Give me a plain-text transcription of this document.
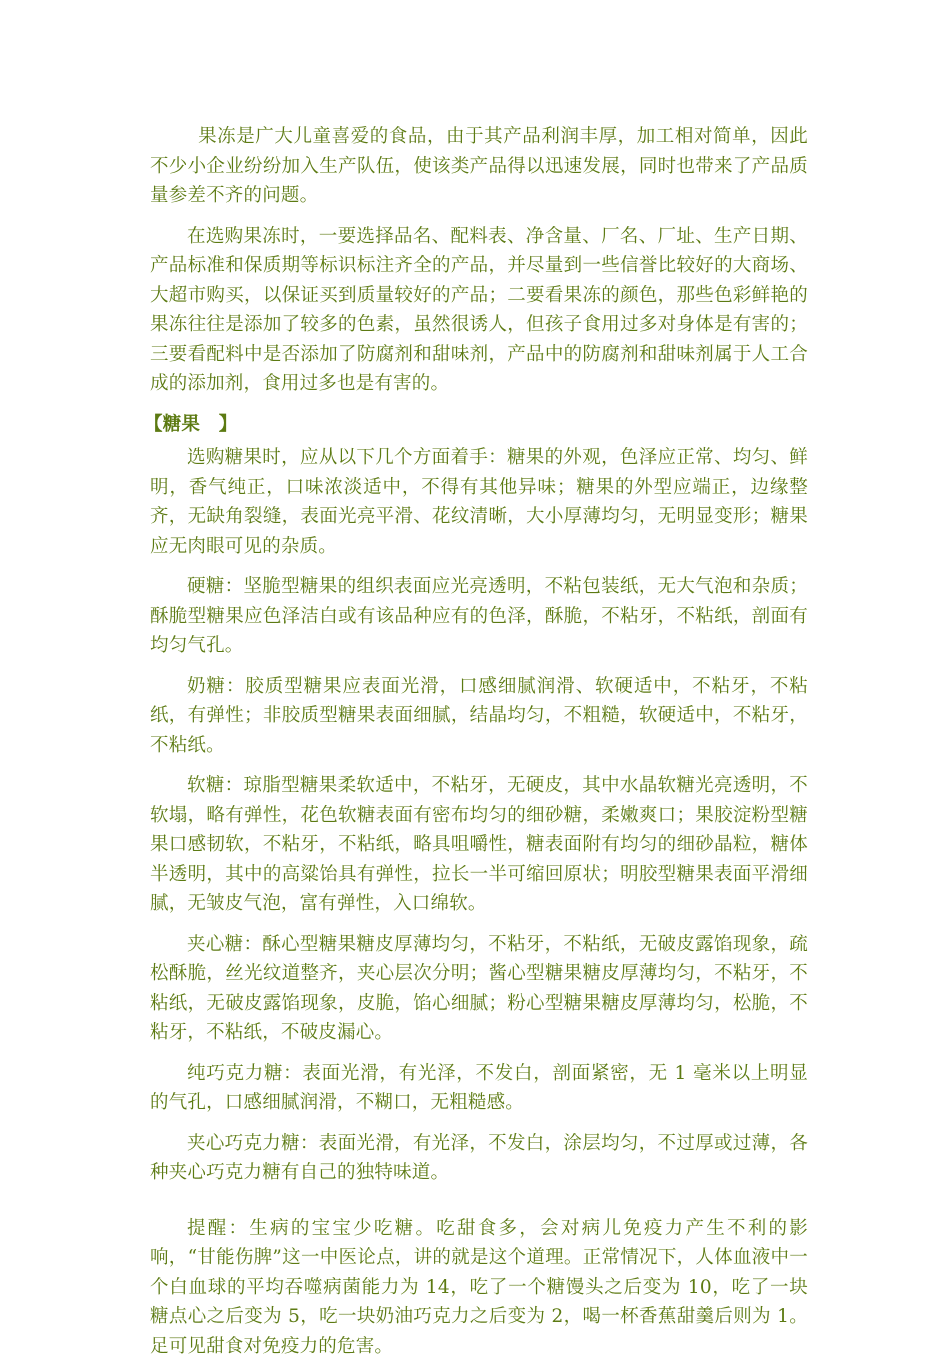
果冻是广大儿童喜爱的食品，由于其产品利润丰厚，加工相对简单，因此不少小企业纷纷加入生产队伍，使该类产品得以迅速发展，同时也带来了产品质量参差不齐的问题。

在选购果冻时，一要选择品名、配料表、净含量、厂名、厂址、生产日期、产品标准和保质期等标识标注齐全的产品，并尽量到一些信誉比较好的大商场、大超市购买，以保证买到质量较好的产品；二要看果冻的颜色，那些色彩鲜艳的果冻往往是添加了较多的色素，虽然很诱人，但孩子食用过多对身体是有害的；三要看配料中是否添加了防腐剂和甜味剂，产品中的防腐剂和甜味剂属于人工合成的添加剂，食用过多也是有害的。

【糖果　】

选购糖果时，应从以下几个方面着手：糖果的外观，色泽应正常、均匀、鲜明，香气纯正，口味浓淡适中，不得有其他异味；糖果的外型应端正，边缘整齐，无缺角裂缝，表面光亮平滑、花纹清晰，大小厚薄均匀，无明显变形；糖果应无肉眼可见的杂质。

硬糖：坚脆型糖果的组织表面应光亮透明，不粘包装纸，无大气泡和杂质；酥脆型糖果应色泽洁白或有该品种应有的色泽，酥脆，不粘牙，不粘纸，剖面有均匀气孔。

奶糖：胶质型糖果应表面光滑，口感细腻润滑、软硬适中，不粘牙，不粘纸，有弹性；非胶质型糖果表面细腻，结晶均匀，不粗糙，软硬适中，不粘牙，不粘纸。

软糖：琼脂型糖果柔软适中，不粘牙，无硬皮，其中水晶软糖光亮透明，不软塌，略有弹性，花色软糖表面有密布均匀的细砂糖，柔嫩爽口；果胶淀粉型糖果口感韧软，不粘牙，不粘纸，略具咀嚼性，糖表面附有均匀的细砂晶粒，糖体半透明，其中的高粱饴具有弹性，拉长一半可缩回原状；明胶型糖果表面平滑细腻，无皱皮气泡，富有弹性，入口绵软。

夹心糖：酥心型糖果糖皮厚薄均匀，不粘牙，不粘纸，无破皮露馅现象，疏松酥脆，丝光纹道整齐，夹心层次分明；酱心型糖果糖皮厚薄均匀，不粘牙，不粘纸，无破皮露馅现象，皮脆，馅心细腻；粉心型糖果糖皮厚薄均匀，松脆，不粘牙，不粘纸，不破皮漏心。

纯巧克力糖：表面光滑，有光泽，不发白，剖面紧密，无 1 毫米以上明显的气孔，口感细腻润滑，不糊口，无粗糙感。

夹心巧克力糖：表面光滑，有光泽，不发白，涂层均匀，不过厚或过薄，各种夹心巧克力糖有自己的独特味道。

提醒：生病的宝宝少吃糖。吃甜食多，会对病儿免疫力产生不利的影响，“甘能伤脾”这一中医论点，讲的就是这个道理。正常情况下，人体血液中一个白血球的平均吞噬病菌能力为 14，吃了一个糖馒头之后变为 10，吃了一块糖点心之后变为 5，吃一块奶油巧克力之后变为 2，喝一杯香蕉甜羹后则为 1。足可见甜食对免疫力的危害。
